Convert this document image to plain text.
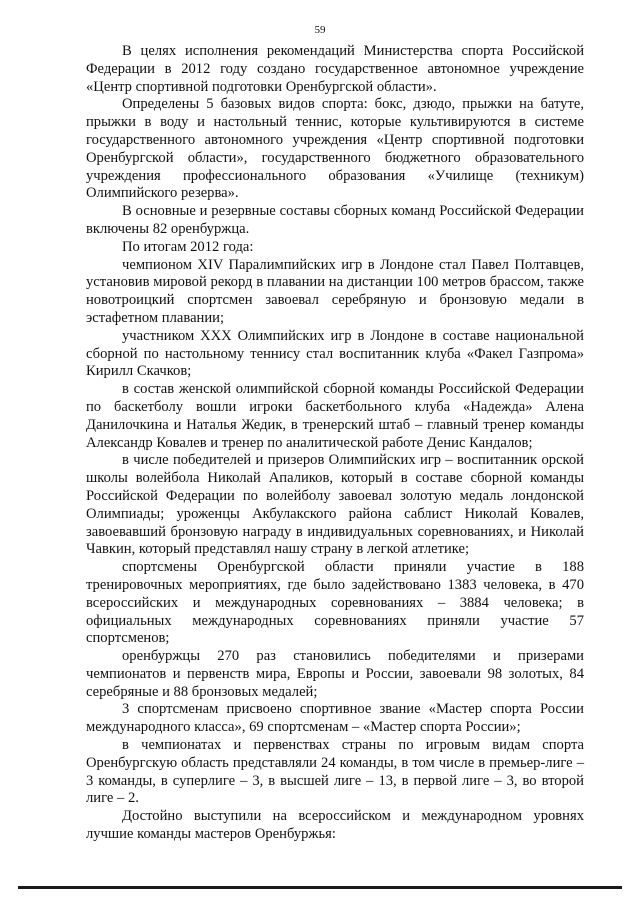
59

В целях исполнения рекомендаций Министерства спорта Российской Федерации в 2012 году создано государственное автономное учреждение «Центр спортивной подготовки Оренбургской области».

Определены 5 базовых видов спорта: бокс, дзюдо, прыжки на батуте, прыжки в воду и настольный теннис, которые культивируются в системе государственного автономного учреждения «Центр спортивной подготовки Оренбургской области», государственного бюджетного образовательного учреждения профессионального образования «Училище (техникум) Олимпийского резерва».

В основные и резервные составы сборных команд Российской Федерации включены 82 оренбуржца.

По итогам 2012 года:

чемпионом XIV Паралимпийских игр в Лондоне стал Павел Полтавцев, установив мировой рекорд в плавании на дистанции 100 метров брассом, также новотроицкий спортсмен завоевал серебряную и бронзовую медали в эстафетном плавании;

участником XXX Олимпийских игр в Лондоне в составе национальной сборной по настольному теннису стал воспитанник клуба «Факел Газпрома» Кирилл Скачков;

в состав женской олимпийской сборной команды Российской Федерации по баскетболу вошли игроки баскетбольного клуба «Надежда» Алена Данилочкина и Наталья Жедик, в тренерский штаб – главный тренер команды Александр Ковалев и тренер по аналитической работе Денис Кандалов;

в числе победителей и призеров Олимпийских игр – воспитанник орской школы волейбола Николай Апаликов, который в составе сборной команды Российской Федерации по волейболу завоевал золотую медаль лондонской Олимпиады; уроженцы Акбулакского района саблист Николай Ковалев, завоевавший бронзовую награду в индивидуальных соревнованиях, и Николай Чавкин, который представлял нашу страну в легкой атлетике;

спортсмены Оренбургской области приняли участие в 188 тренировочных мероприятиях, где было задействовано 1383 человека, в 470 всероссийских и международных соревнованиях – 3884 человека; в официальных международных соревнованиях приняли участие 57 спортсменов;

оренбуржцы 270 раз становились победителями и призерами чемпионатов и первенств мира, Европы и России, завоевали 98 золотых, 84 серебряные и 88 бронзовых медалей;

3 спортсменам присвоено спортивное звание «Мастер спорта России международного класса», 69 спортсменам – «Мастер спорта России»;

в чемпионатах и первенствах страны по игровым видам спорта Оренбургскую область представляли 24 команды, в том числе в премьер-лиге – 3 команды, в суперлиге – 3, в высшей лиге – 13, в первой лиге – 3, во второй лиге – 2.

Достойно выступили на всероссийском и международном уровнях лучшие команды мастеров Оренбуржья:
